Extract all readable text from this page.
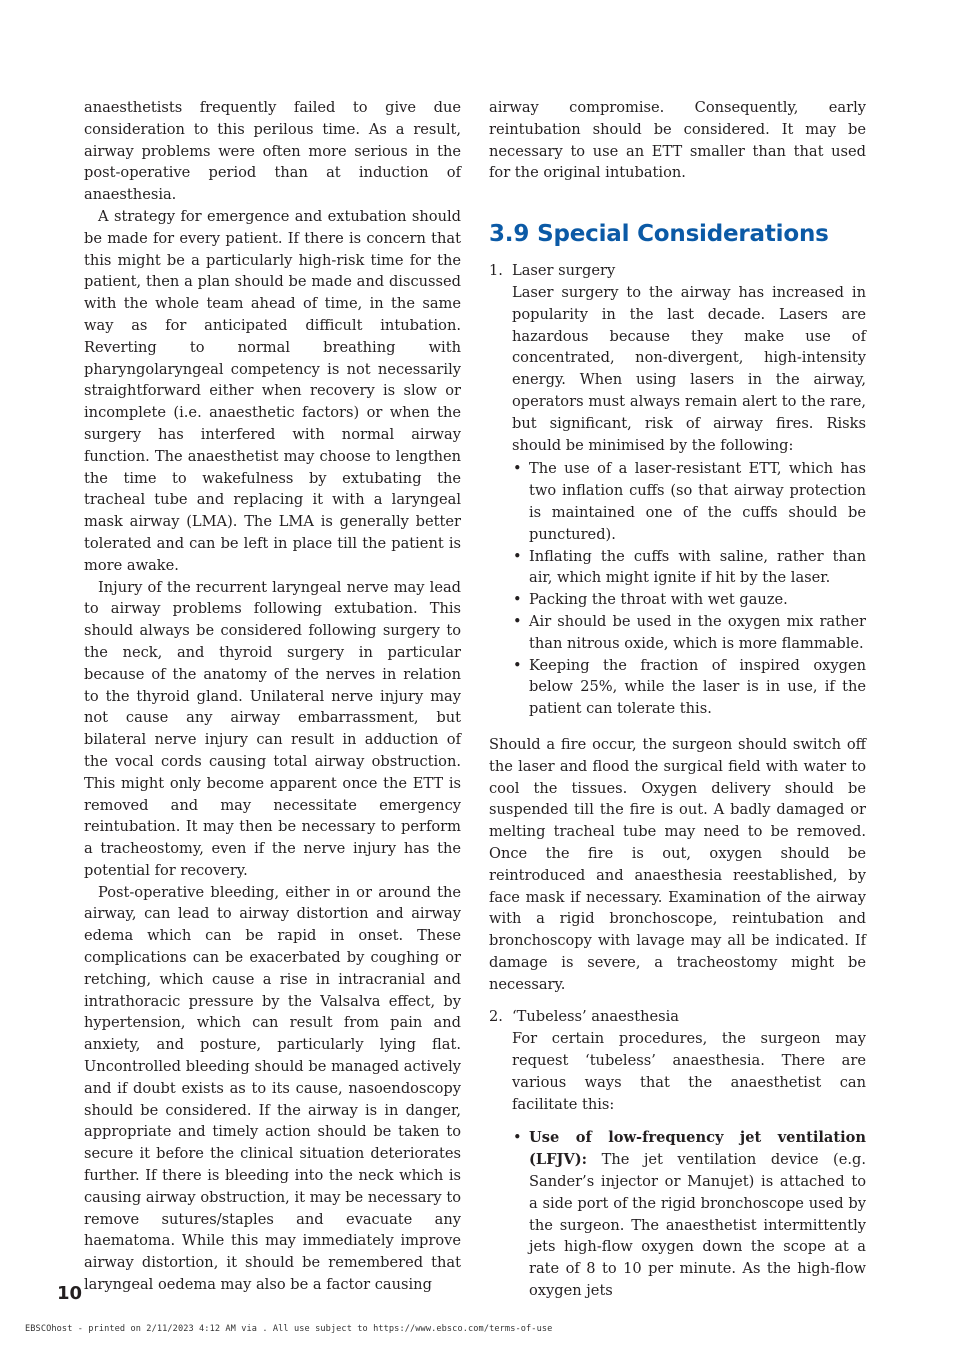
anaesthetists frequently failed to give due consideration to this perilous time. As a result, airway problems were often more serious in the post-operative period than at induction of anaesthesia.

A strategy for emergence and extubation should be made for every patient. If there is concern that this might be a particularly high-risk time for the patient, then a plan should be made and discussed with the whole team ahead of time, in the same way as for anticipated difficult intubation. Reverting to normal breathing with pharyngolaryngeal competency is not necessarily straightforward either when recovery is slow or incomplete (i.e. anaesthetic factors) or when the surgery has interfered with normal airway function. The anaesthetist may choose to lengthen the time to wakefulness by extubating the tracheal tube and replacing it with a laryngeal mask airway (LMA). The LMA is generally better tolerated and can be left in place till the patient is more awake.

Injury of the recurrent laryngeal nerve may lead to airway problems following extubation. This should always be considered following surgery to the neck, and thyroid surgery in particular because of the anatomy of the nerves in relation to the thyroid gland. Unilateral nerve injury may not cause any airway embarrassment, but bilateral nerve injury can result in adduction of the vocal cords causing total airway obstruction. This might only become apparent once the ETT is removed and may necessitate emergency reintubation. It may then be necessary to perform a tracheostomy, even if the nerve injury has the potential for recovery.

Post-operative bleeding, either in or around the airway, can lead to airway distortion and airway edema which can be rapid in onset. These complications can be exacerbated by coughing or retching, which cause a rise in intracranial and intrathoracic pressure by the Valsalva effect, by hypertension, which can result from pain and anxiety, and posture, particularly lying flat. Uncontrolled bleeding should be managed actively and if doubt exists as to its cause, nasoendoscopy should be considered. If the airway is in danger, appropriate and timely action should be taken to secure it before the clinical situation deteriorates further. If there is bleeding into the neck which is causing airway obstruction, it may be necessary to remove sutures/staples and evacuate any haematoma. While this may immediately improve airway distortion, it should be remembered that laryngeal oedema may also be a factor causing

airway compromise. Consequently, early reintubation should be considered. It may be necessary to use an ETT smaller than that used for the original intubation.

3.9 Special Considerations
1. Laser surgery

Laser surgery to the airway has increased in popularity in the last decade. Lasers are hazardous because they make use of concentrated, non-divergent, high-intensity energy. When using lasers in the airway, operators must always remain alert to the rare, but significant, risk of airway fires. Risks should be minimised by the following:

• The use of a laser-resistant ETT, which has two inflation cuffs (so that airway protection is maintained one of the cuffs should be punctured).
• Inflating the cuffs with saline, rather than air, which might ignite if hit by the laser.
• Packing the throat with wet gauze.
• Air should be used in the oxygen mix rather than nitrous oxide, which is more flammable.
• Keeping the fraction of inspired oxygen below 25%, while the laser is in use, if the patient can tolerate this.

Should a fire occur, the surgeon should switch off the laser and flood the surgical field with water to cool the tissues. Oxygen delivery should be suspended till the fire is out. A badly damaged or melting tracheal tube may need to be removed. Once the fire is out, oxygen should be reintroduced and anaesthesia reestablished, by face mask if necessary. Examination of the airway with a rigid bronchoscope, reintubation and bronchoscopy with lavage may all be indicated. If damage is severe, a tracheostomy might be necessary.

2. ‘Tubeless’ anaesthesia

For certain procedures, the surgeon may request ‘tubeless’ anaesthesia. There are various ways that the anaesthetist can facilitate this:

• Use of low-frequency jet ventilation (LFJV): The jet ventilation device (e.g. Sander’s injector or Manujet) is attached to a side port of the rigid bronchoscope used by the surgeon. The anaesthetist intermittently jets high-flow oxygen down the scope at a rate of 8 to 10 per minute. As the high-flow oxygen jets
10
EBSCOhost - printed on 2/11/2023 4:12 AM via . All use subject to https://www.ebsco.com/terms-of-use
